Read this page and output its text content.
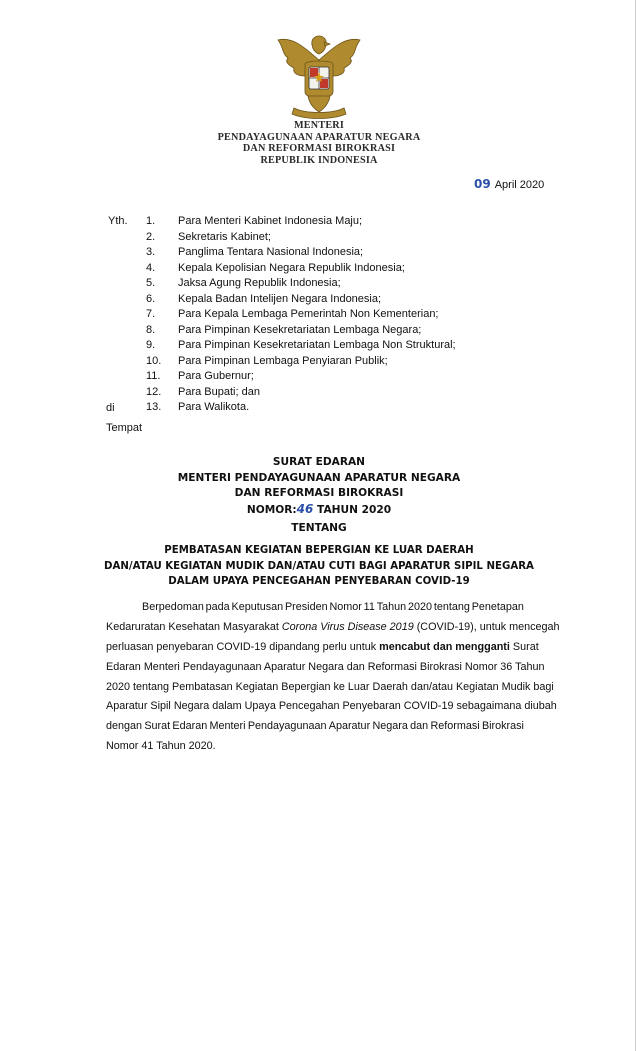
MENTERI
PENDAYAGUNAAN APARATUR NEGARA
DAN REFORMASI BIROKRASI
REPUBLIK INDONESIA
09 April 2020
Yth. 1. Para Menteri Kabinet Indonesia Maju;
2. Sekretaris Kabinet;
3. Panglima Tentara Nasional Indonesia;
4. Kepala Kepolisian Negara Republik Indonesia;
5. Jaksa Agung Republik Indonesia;
6. Kepala Badan Intelijen Negara Indonesia;
7. Para Kepala Lembaga Pemerintah Non Kementerian;
8. Para Pimpinan Kesekretariatan Lembaga Negara;
9. Para Pimpinan Kesekretariatan Lembaga Non Struktural;
10. Para Pimpinan Lembaga Penyiaran Publik;
11. Para Gubernur;
12. Para Bupati; dan
13. Para Walikota.
di
Tempat
SURAT EDARAN
MENTERI PENDAYAGUNAAN APARATUR NEGARA
DAN REFORMASI BIROKRASI
NOMOR:46 TAHUN 2020
TENTANG
PEMBATASAN KEGIATAN BEPERGIAN KE LUAR DAERAH
DAN/ATAU KEGIATAN MUDIK DAN/ATAU CUTI BAGI APARATUR SIPIL NEGARA
DALAM UPAYA PENCEGAHAN PENYEBARAN COVID-19
Berpedoman pada Keputusan Presiden Nomor 11 Tahun 2020 tentang Penetapan
Kedaruratan Kesehatan Masyarakat Corona Virus Disease 2019 (COVID-19), untuk mencegah
perluasan penyebaran COVID-19 dipandang perlu untuk mencabut dan mengganti Surat
Edaran Menteri Pendayagunaan Aparatur Negara dan Reformasi Birokrasi Nomor 36 Tahun
2020 tentang Pembatasan Kegiatan Bepergian ke Luar Daerah dan/atau Kegiatan Mudik bagi
Aparatur Sipil Negara dalam Upaya Pencegahan Penyebaran COVID-19 sebagaimana diubah
dengan Surat Edaran Menteri Pendayagunaan Aparatur Negara dan Reformasi Birokrasi
Nomor 41 Tahun 2020.
